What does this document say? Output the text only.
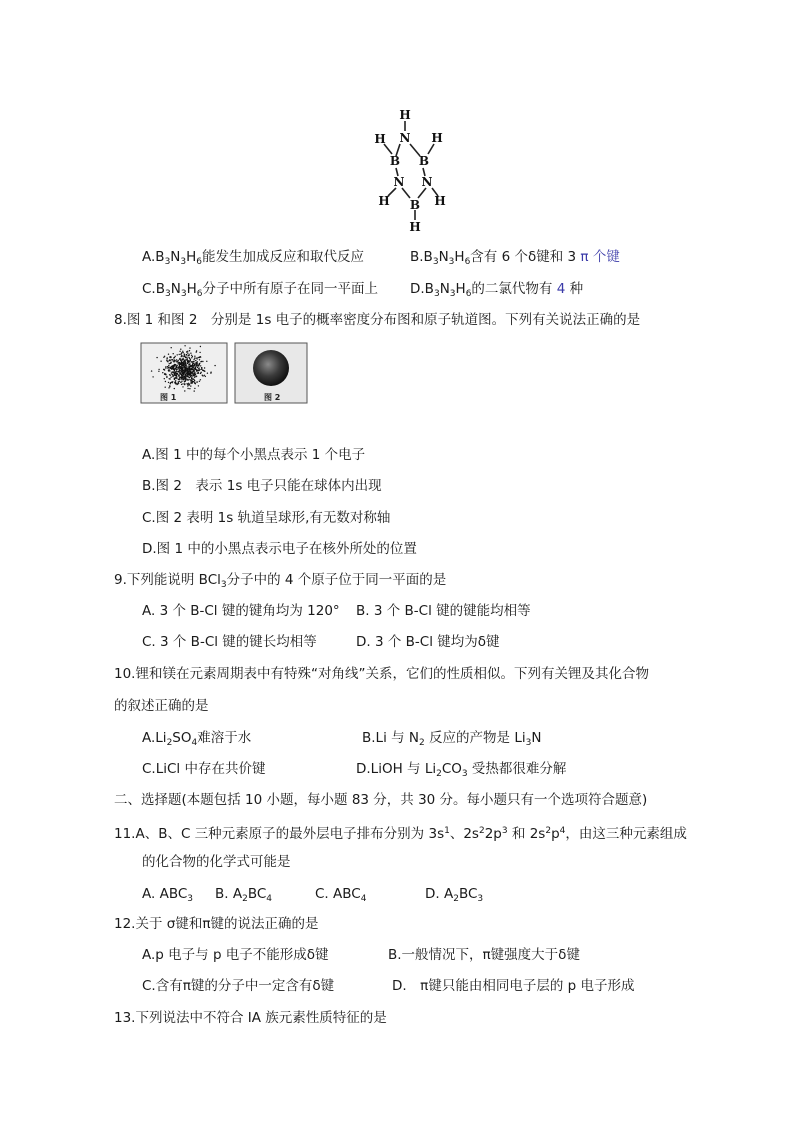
H
N
H
B B
H
N N
H B H
H
$A.B_3N_3H_6$能发生加成反应和取代反应	$B.B_3N_3H_6$含有 6 个δ键和 3 π 个键
$C.B_3N_3H_6$分子中所有原子在同一平面上 $D.B_3N_3H_6$的二氯代物有 4 种
8.图 1 和图 2　分别是 1s 电子的概率密度分布图和原子轨道图。下列有关说法正确的是
图 1	图 2
A.图 1 中的每个小黑点表示 1 个电子
B.图 2　表示 1s 电子只能在球体内出现
C.图 2 表明 1s 轨道呈球形,有无数对称轴
D.图 1 中的小黑点表示电子在核外所处的位置
9.下列能说明 BCl$_3$分子中的 4 个原子位于同一平面的是
A. 3 个 B-Cl 键的键角均为 120° B. 3 个 B-Cl 键的键能均相等
C. 3 个 B-Cl 键的键长均相等	D. 3 个 B-Cl 键均为δ键
10.锂和镁在元素周期表中有特殊“对角线”关系，它们的性质相似。下列有关锂及其化合物
的叙述正确的是
$A.Li_2SO_4$难溶于水	B.Li 与 $N_2$ 反应的产物是 $Li_3N$
C.LiCl 中存在共价键	D.LiOH 与 $Li_2CO_3$ 受热都很难分解
二、选择题(本题包括 10 小题，每小题 83 分，共 30 分。每小题只有一个选项符合题意)
11.A、B、C 三种元素原子的最外层电子排布分别为 $3s^1$、$2s^22p^3$ 和 $2s^2p^4$，由这三种元素组成
的化合物的化学式可能是
A. $ABC_3$ B. $A_2BC_4$	C. $ABC_4$	D. $A_2BC_3$
12.关于 σ键和π键的说法正确的是
A.p 电子与 p 电子不能形成δ键	B.一般情况下，π键强度大于δ键
C.含有π键的分子中一定含有δ键	D.　π键只能由相同电子层的 p 电子形成
13.下列说法中不符合 IA 族元素性质特征的是
